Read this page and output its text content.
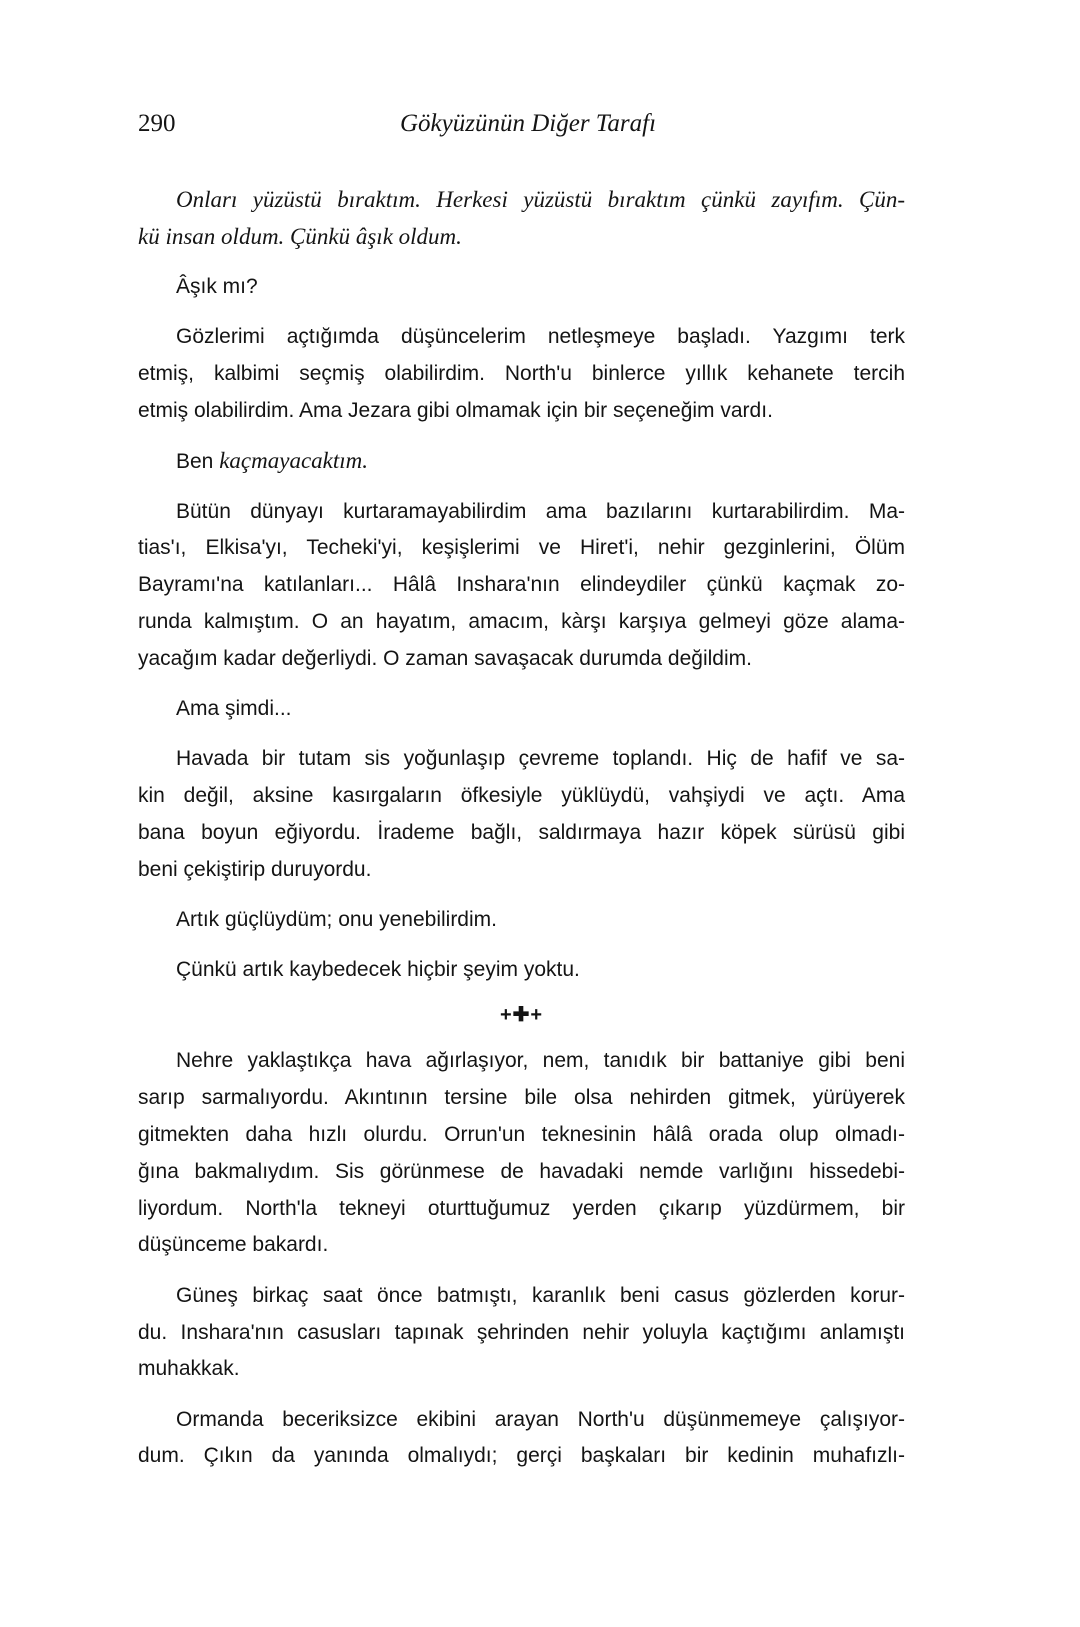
290	Gökyüzünün Diğer Tarafı
Onları yüzüstü bıraktım. Herkesi yüzüstü bıraktım çünkü zayıfım. Çün-
kü insan oldum. Çünkü âşık oldum.
Âşık mı?
Gözlerimi açtığımda düşüncelerim netleşmeye başladı. Yazgımı terk
etmiş, kalbimi seçmiş olabilirdim. North'u binlerce yıllık kehanete tercih
etmiş olabilirdim. Ama Jezara gibi olmamak için bir seçeneğim vardı.
Ben kaçmayacaktım.
Bütün dünyayı kurtaramayabilirdim ama bazılarını kurtarabilirdim. Ma-
tias'ı, Elkisa'yı, Techeki'yi, keşişlerimi ve Hiret'i, nehir gezginlerini, Ölüm
Bayramı'na katılanları... Hâlâ Inshara'nın elindeydiler çünkü kaçmak zo-
runda kalmıştım. O an hayatım, amacım, kàrşı karşıya gelmeyi göze alama-
yacağım kadar değerliydi. O zaman savaşacak durumda değildim.
Ama şimdi...
Havada bir tutam sis yoğunlaşıp çevreme toplandı. Hiç de hafif ve sa-
kin değil, aksine kasırgaların öfkesiyle yüklüydü, vahşiydi ve açtı. Ama
bana boyun eğiyordu. İrademe bağlı, saldırmaya hazır köpek sürüsü gibi
beni çekiştirip duruyordu.
Artık güçlüydüm; onu yenebilirdim.
Çünkü artık kaybedecek hiçbir şeyim yoktu.
+✚+
Nehre yaklaştıkça hava ağırlaşıyor, nem, tanıdık bir battaniye gibi beni
sarıp sarmalıyordu. Akıntının tersine bile olsa nehirden gitmek, yürüyerek
gitmekten daha hızlı olurdu. Orrun'un teknesinin hâlâ orada olup olmadı-
ğına bakmalıydım. Sis görünmese de havadaki nemde varlığını hissedebi-
liyordum. North'la tekneyi oturttuğumuz yerden çıkarıp yüzdürmem, bir
düşünceme bakardı.
Güneş birkaç saat önce batmıştı, karanlık beni casus gözlerden korur-
du. Inshara'nın casusları tapınak şehrinden nehir yoluyla kaçtığımı anlamıştı
muhakkak.
Ormanda beceriksizce ekibini arayan North'u düşünmemeye çalışıyor-
dum. Çıkın da yanında olmalıydı; gerçi başkaları bir kedinin muhafızlı-
